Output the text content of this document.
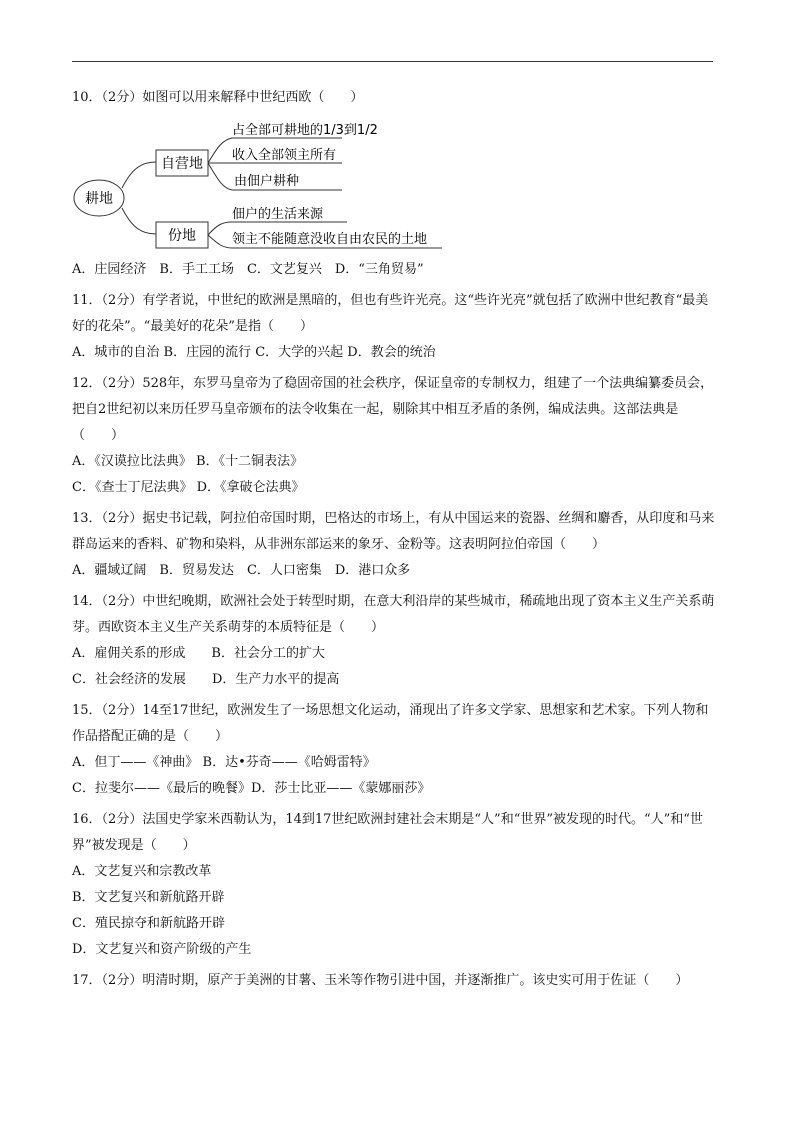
耕地
自营地
份地
占全部可耕地的1/3到1/2
收入全部领主所有
由佃户耕种
佃户的生活来源
领主不能随意没收自由农民的土地
10．（2分）如图可以用来解释中世纪西欧（　　）
A．庄园经济　B．手工工场　C．文艺复兴　D．“三角贸易”
11．（2分）有学者说，中世纪的欧洲是黑暗的，但也有些许光亮。这“些许光亮”就包括了欧洲中世纪教育“最美好的花朵”。“最美好的花朵”是指（　　）
A．城市的自治 B．庄园的流行 C．大学的兴起 D．教会的统治
12．（2分）528年，东罗马皇帝为了稳固帝国的社会秩序，保证皇帝的专制权力，组建了一个法典编纂委员会，把自2世纪初以来历任罗马皇帝颁布的法令收集在一起，剔除其中相互矛盾的条例，编成法典。这部法典是（　　）
A．《汉谟拉比法典》 B．《十二铜表法》
C．《查士丁尼法典》 D．《拿破仑法典》
13．（2分）据史书记载，阿拉伯帝国时期，巴格达的市场上，有从中国运来的瓷器、丝绸和麝香，从印度和马来群岛运来的香料、矿物和染料，从非洲东部运来的象牙、金粉等。这表明阿拉伯帝国（　　）
A．疆域辽阔　B．贸易发达　C．人口密集　D．港口众多
14．（2分）中世纪晚期，欧洲社会处于转型时期，在意大利沿岸的某些城市，稀疏地出现了资本主义生产关系萌芽。西欧资本主义生产关系萌芽的本质特征是（　　）
A．雇佣关系的形成　　B．社会分工的扩大
C．社会经济的发展　　D．生产力水平的提高
15．（2分）14至17世纪，欧洲发生了一场思想文化运动，涌现出了许多文学家、思想家和艺术家。下列人物和作品搭配正确的是（　　）
A．但丁——《神曲》 B．达•芬奇——《哈姆雷特》
C．拉斐尔——《最后的晚餐》D．莎士比亚——《蒙娜丽莎》
16．（2分）法国史学家米西勒认为，14到17世纪欧洲封建社会末期是“人”和“世界”被发现的时代。“人”和“世界”被发现是（　　）
A．文艺复兴和宗教改革
B．文艺复兴和新航路开辟
C．殖民掠夺和新航路开辟
D．文艺复兴和资产阶级的产生
17．（2分）明清时期，原产于美洲的甘薯、玉米等作物引进中国，并逐渐推广。该史实可用于佐证（　　）
